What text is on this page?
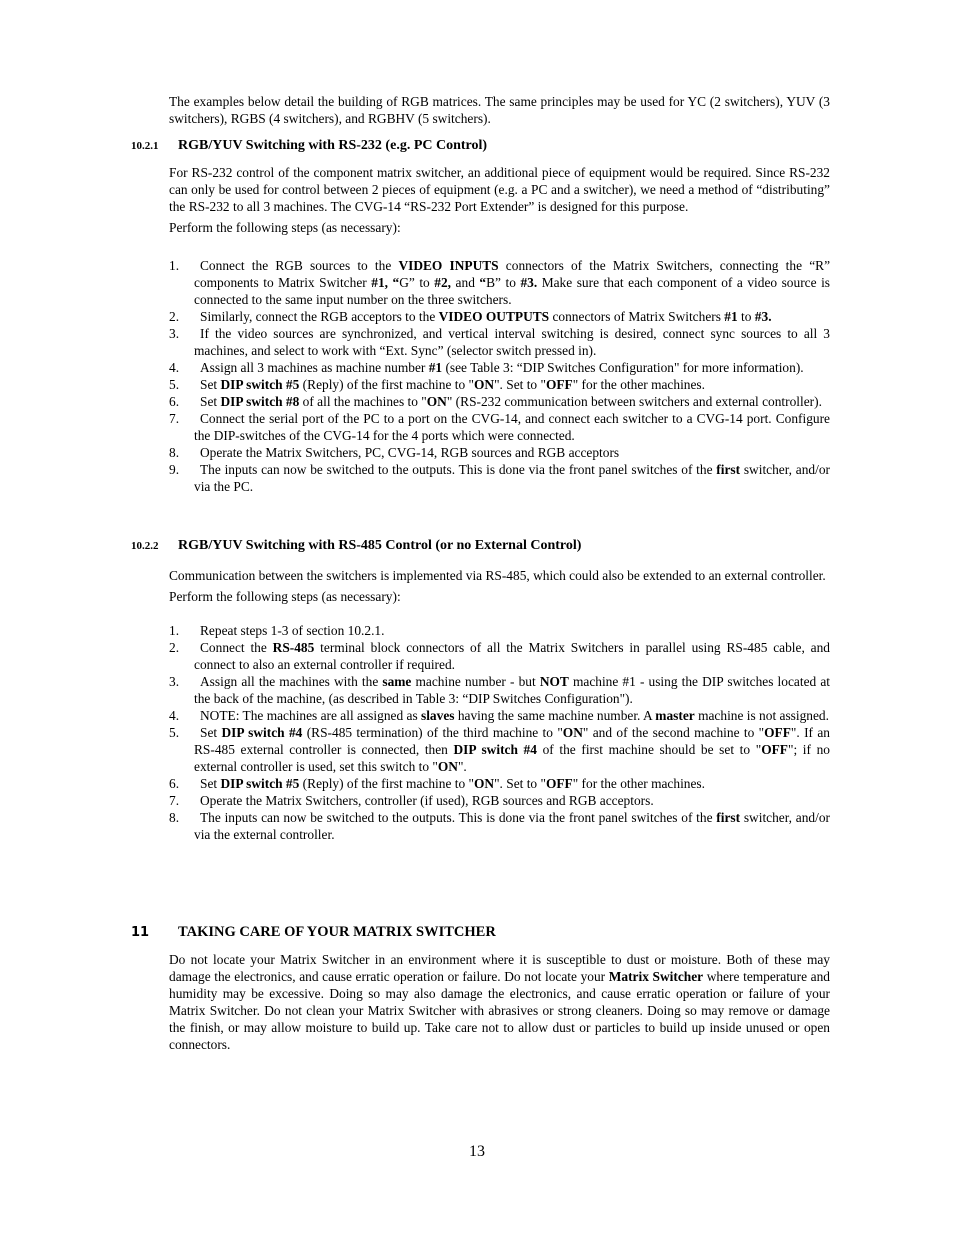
The examples below detail the building of RGB matrices. The same principles may be used for YC (2 switchers), YUV (3 switchers), RGBS (4 switchers), and RGBHV (5 switchers).

10.2.1 RGB/YUV Switching with RS-232 (e.g. PC Control)

For RS-232 control of the component matrix switcher, an additional piece of equipment would be required. Since RS-232 can only be used for control between 2 pieces of equipment (e.g. a PC and a switcher), we need a method of “distributing” the RS-232 to all 3 machines. The CVG-14 “RS-232 Port Extender” is designed for this purpose.

Perform the following steps (as necessary):

1. Connect the RGB sources to the VIDEO INPUTS connectors of the Matrix Switchers, connecting the “R” components to Matrix Switcher #1, “G” to #2, and “B” to #3. Make sure that each component of a video source is connected to the same input number on the three switchers.
2. Similarly, connect the RGB acceptors to the VIDEO OUTPUTS connectors of Matrix Switchers #1 to #3.
3. If the video sources are synchronized, and vertical interval switching is desired, connect sync sources to all 3 machines, and select to work with “Ext. Sync” (selector switch pressed in).
4. Assign all 3 machines as machine number #1 (see Table 3: “DIP Switches Configuration" for more information).
5. Set DIP switch #5 (Reply) of the first machine to "ON". Set to "OFF" for the other machines.
6. Set DIP switch #8 of all the machines to "ON" (RS-232 communication between switchers and external controller).
7. Connect the serial port of the PC to a port on the CVG-14, and connect each switcher to a CVG-14 port. Configure the DIP-switches of the CVG-14 for the 4 ports which were connected.
8. Operate the Matrix Switchers, PC, CVG-14, RGB sources and RGB acceptors
9. The inputs can now be switched to the outputs. This is done via the front panel switches of the first switcher, and/or via the PC.
10.2.2 RGB/YUV Switching with RS-485 Control (or no External Control)

Communication between the switchers is implemented via RS-485, which could also be extended to an external controller.

Perform the following steps (as necessary):

1. Repeat steps 1-3 of section 10.2.1.
2. Connect the RS-485 terminal block connectors of all the Matrix Switchers in parallel using RS-485 cable, and connect to also an external controller if required.
3. Assign all the machines with the same machine number - but NOT machine #1 - using the DIP switches located at the back of the machine, (as described in Table 3: “DIP Switches Configuration").
4. NOTE: The machines are all assigned as slaves having the same machine number. A master machine is not assigned.
5. Set DIP switch #4 (RS-485 termination) of the third machine to "ON" and of the second machine to "OFF". If an RS-485 external controller is connected, then DIP switch #4 of the first machine should be set to "OFF"; if no external controller is used, set this switch to "ON".
6. Set DIP switch #5 (Reply) of the first machine to "ON". Set to "OFF" for the other machines.
7. Operate the Matrix Switchers, controller (if used), RGB sources and RGB acceptors.
8. The inputs can now be switched to the outputs. This is done via the front panel switches of the first switcher, and/or via the external controller.
11 TAKING CARE OF YOUR MATRIX SWITCHER

Do not locate your Matrix Switcher in an environment where it is susceptible to dust or moisture. Both of these may damage the electronics, and cause erratic operation or failure. Do not locate your Matrix Switcher where temperature and humidity may be excessive. Doing so may also damage the electronics, and cause erratic operation or failure of your Matrix Switcher. Do not clean your Matrix Switcher with abrasives or strong cleaners. Doing so may remove or damage the finish, or may allow moisture to build up. Take care not to allow dust or particles to build up inside unused or open connectors.

13
